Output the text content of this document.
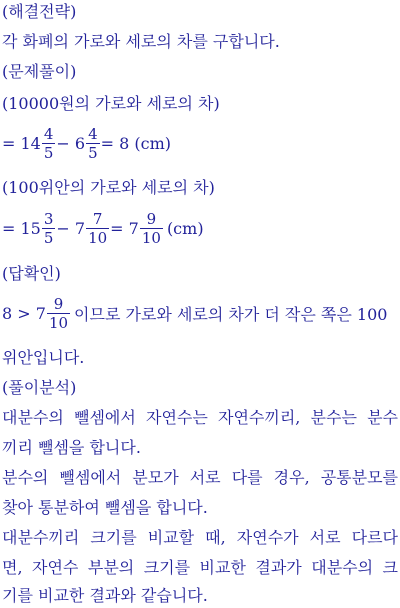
(해결전략)
각 화폐의 가로와 세로의 차를 구합니다.
(문제풀이)
(10000원의 가로와 세로의 차)
= $14 \frac{4}{5} - 6 \frac{4}{5} = 8$ (cm)
(100위안의 가로와 세로의 차)
= $15 \frac{3}{5} - 7 \frac{7}{10} = 7 \frac{9}{10} (cm)$
(답확인)
$8 > 7 \frac{9}{10}$ 이므로 가로와 세로의 차가 더 작은 쪽은 100
위안입니다.
(풀이분석)
대분수의 뺄셈에서 자연수는 자연수끼리, 분수는 분수
끼리 뺄셈을 합니다.
분수의 뺄셈에서 분모가 서로 다를 경우, 공통분모를
찾아 통분하여 뺄셈을 합니다.
대분수끼리 크기를 비교할 때, 자연수가 서로 다르다
면, 자연수 부분의 크기를 비교한 결과가 대분수의 크
기를 비교한 결과와 같습니다.
